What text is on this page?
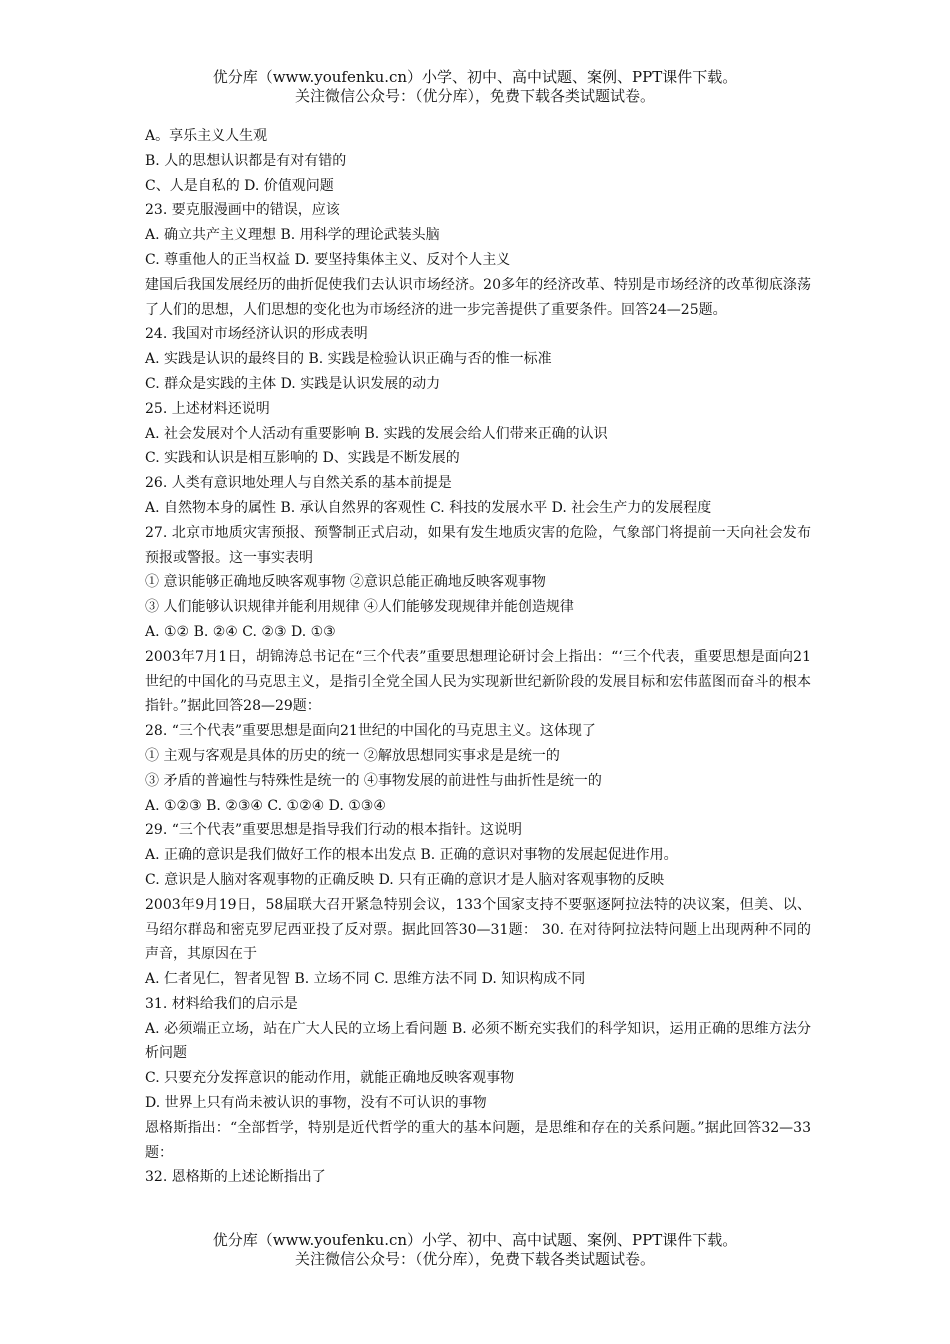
优分库（www.youfenku.cn）小学、初中、高中试题、案例、PPT课件下载。
关注微信公众号：（优分库），免费下载各类试题试卷。

A。享乐主义人生观

B. 人的思想认识都是有对有错的

C、人是自私的 D. 价值观问题

23. 要克服漫画中的错误，应该

A. 确立共产主义理想 B. 用科学的理论武装头脑

C. 尊重他人的正当权益 D. 要坚持集体主义、反对个人主义

建国后我国发展经历的曲折促使我们去认识市场经济。20多年的经济改革、特别是市场经济的改革彻底涤荡了人们的思想，人们思想的变化也为市场经济的进一步完善提供了重要条件。回答24—25题。

24. 我国对市场经济认识的形成表明

A. 实践是认识的最终目的 B. 实践是检验认识正确与否的惟一标准

C. 群众是实践的主体 D. 实践是认识发展的动力

25. 上述材料还说明

A. 社会发展对个人活动有重要影响 B. 实践的发展会给人们带来正确的认识

C. 实践和认识是相互影响的 D、实践是不断发展的

26. 人类有意识地处理人与自然关系的基本前提是

A. 自然物本身的属性 B. 承认自然界的客观性 C. 科技的发展水平 D. 社会生产力的发展程度

27. 北京市地质灾害预报、预警制正式启动，如果有发生地质灾害的危险，气象部门将提前一天向社会发布预报或警报。这一事实表明

① 意识能够正确地反映客观事物 ②意识总能正确地反映客观事物

③ 人们能够认识规律并能利用规律 ④人们能够发现规律并能创造规律

A. ①② B. ②④ C. ②③ D. ①③

2003年7月1日，胡锦涛总书记在“三个代表”重要思想理论研讨会上指出：“‘三个代表，重要思想是面向21世纪的中国化的马克思主义，是指引全党全国人民为实现新世纪新阶段的发展目标和宏伟蓝图而奋斗的根本指针。”据此回答28—29题：

28. “三个代表”重要思想是面向21世纪的中国化的马克思主义。这体现了

① 主观与客观是具体的历史的统一 ②解放思想同实事求是是统一的

③ 矛盾的普遍性与特殊性是统一的 ④事物发展的前进性与曲折性是统一的

A. ①②③ B. ②③④ C. ①②④ D. ①③④

29. “三个代表”重要思想是指导我们行动的根本指针。这说明

A. 正确的意识是我们做好工作的根本出发点 B. 正确的意识对事物的发展起促进作用。

C. 意识是人脑对客观事物的正确反映 D. 只有正确的意识才是人脑对客观事物的反映

2003年9月19日，58届联大召开紧急特别会议，133个国家支持不要驱逐阿拉法特的决议案，但美、以、马绍尔群岛和密克罗尼西亚投了反对票。据此回答30—31题： 30. 在对待阿拉法特问题上出现两种不同的声音，其原因在于

A. 仁者见仁，智者见智 B. 立场不同 C. 思维方法不同 D. 知识构成不同

31. 材料给我们的启示是

A. 必须端正立场，站在广大人民的立场上看问题 B. 必须不断充实我们的科学知识，运用正确的思维方法分析问题

C. 只要充分发挥意识的能动作用，就能正确地反映客观事物

D. 世界上只有尚未被认识的事物，没有不可认识的事物

恩格斯指出：“全部哲学，特别是近代哲学的重大的基本问题，是思维和存在的关系问题。”据此回答32—33题：

32. 恩格斯的上述论断指出了

优分库（www.youfenku.cn）小学、初中、高中试题、案例、PPT课件下载。
关注微信公众号：（优分库），免费下载各类试题试卷。
